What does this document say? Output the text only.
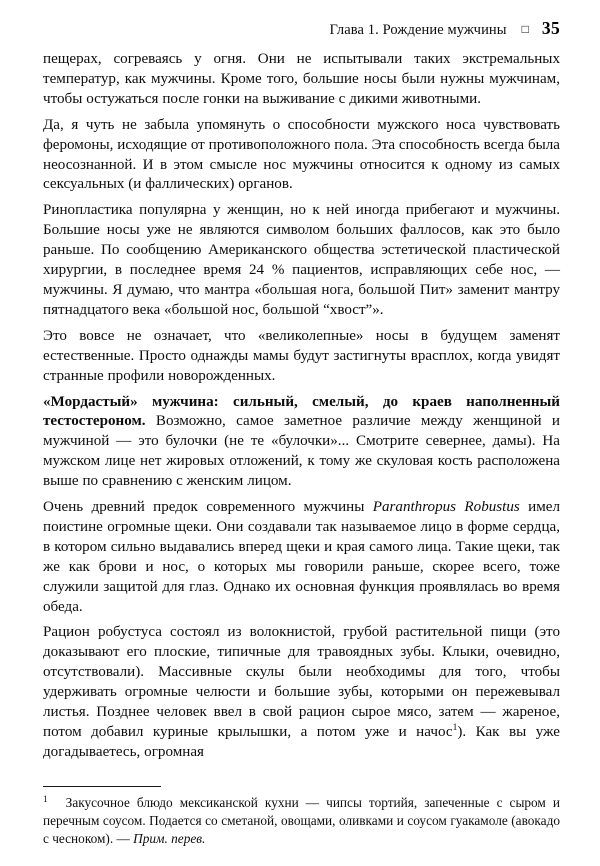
Глава 1. Рождение мужчины □ 35

пещерах, согреваясь у огня. Они не испытывали таких экстремальных температур, как мужчины. Кроме того, большие носы были нужны мужчинам, чтобы остужаться после гонки на выживание с дикими животными.

Да, я чуть не забыла упомянуть о способности мужского носа чувствовать феромоны, исходящие от противоположного пола. Эта способность всегда была неосознанной. И в этом смысле нос мужчины относится к одному из самых сексуальных (и фаллических) органов.

Ринопластика популярна у женщин, но к ней иногда прибегают и мужчины. Большие носы уже не являются символом больших фаллосов, как это было раньше. По сообщению Американского общества эстетической пластической хирургии, в последнее время 24 % пациентов, исправляющих себе нос, — мужчины. Я думаю, что мантра «большая нога, большой Пит» заменит мантру пятнадцатого века «большой нос, большой “хвост”».

Это вовсе не означает, что «великолепные» носы в будущем заменят естественные. Просто однажды мамы будут застигнуты врасплох, когда увидят странные профили новорожденных.

«Мордастый» мужчина: сильный, смелый, до краев наполненный тестостероном. Возможно, самое заметное различие между женщиной и мужчиной — это булочки (не те «булочки»... Смотрите севернее, дамы). На мужском лице нет жировых отложений, к тому же скуловая кость расположена выше по сравнению с женским лицом.

Очень древний предок современного мужчины Paranthropus Robustus имел поистине огромные щеки. Они создавали так называемое лицо в форме сердца, в котором сильно выдавались вперед щеки и края самого лица. Такие щеки, так же как брови и нос, о которых мы говорили раньше, скорее всего, тоже служили защитой для глаз. Однако их основная функция проявлялась во время обеда.

Рацион робустуса состоял из волокнистой, грубой растительной пищи (это доказывают его плоские, типичные для травоядных зубы. Клыки, очевидно, отсутствовали). Массивные скулы были необходимы для того, чтобы удерживать огромные челюсти и большие зубы, которыми он пережевывал листья. Позднее человек ввел в свой рацион сырое мясо, затем — жареное, потом добавил куриные крылышки, а потом уже и начос$^1$). Как вы уже догадываетесь, огромная

$^1$ Закусочное блюдо мексиканской кухни — чипсы тортийя, запеченные с сыром и перечным соусом. Подается со сметаной, овощами, оливками и соусом гуакамоле (авокадо с чесноком). — Прим. перев.
